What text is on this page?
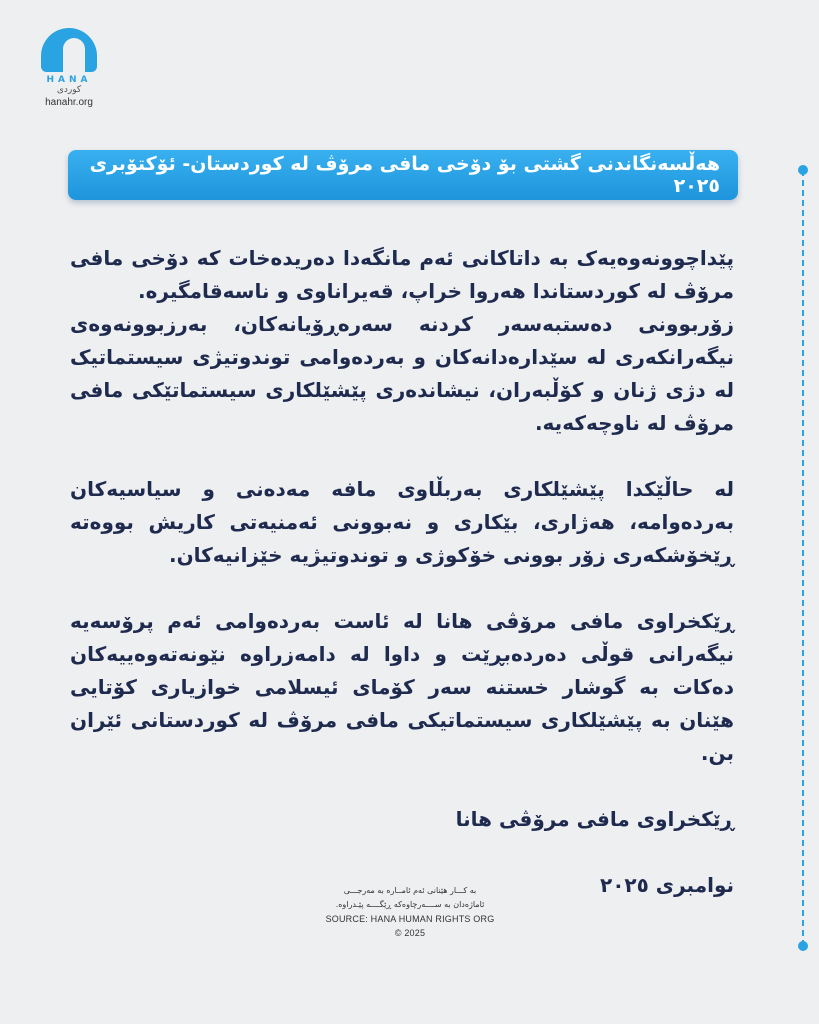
HANA
کوردی
hanahr.org
هەڵسەنگاندنی گشتی بۆ دۆخی مافی مرۆڤ لە کوردستان- ئۆکتۆبری ٢٠٢٥

پێداچوونەوەیەک بە داتاکانی ئەم مانگەدا دەریدەخات کە دۆخی مافی مرۆڤ لە کوردستاندا هەروا خراپ، قەیراناوی و ناسەقامگیرە.

زۆربوونی دەستبەسەر کردنە سەرەڕۆیانەکان، بەرزبوونەوەی نیگەرانکەری لە سێدارەدانەکان و بەردەوامی توندوتیژی سیستماتیک لە دژی ژنان و کۆڵبەران، نیشاندەری پێشێلکاری سیستماتێکی مافی مرۆڤ لە ناوچەکەیە.

لە حاڵێکدا پێشێلکاری بەربڵاوی مافە مەدەنی و سیاسیەکان بەردەوامە، هەژاری، بێکاری و نەبوونی ئەمنیەتی کاریش بووەتە ڕێخۆشکەری زۆر بوونی خۆکوژی و توندوتیژیە خێزانیەکان.

ڕێکخراوی مافی مرۆڤی هانا لە ئاست بەردەوامی ئەم پرۆسەیە نیگەرانی قوڵی دەردەبڕێت و داوا لە دامەزراوە نێونەتەوەییەکان دەکات بە گوشار خستنە سەر کۆمای ئیسلامی خوازیاری کۆتایی هێنان بە پێشێلکاری سیستماتیکی مافی مرۆڤ لە کوردستانی ئێران بن.

ڕێکخراوی مافی مرۆڤی هانا

نوامبری ٢٠٢٥

بە کـــار هێنانی ئەم ئامــاره بە مەرجـــی
ئاماژەدان بە ســــەرچاوەکە ڕێگــــە پێـدراوە.
SOURCE: HANA HUMAN RIGHTS ORG
© 2025
